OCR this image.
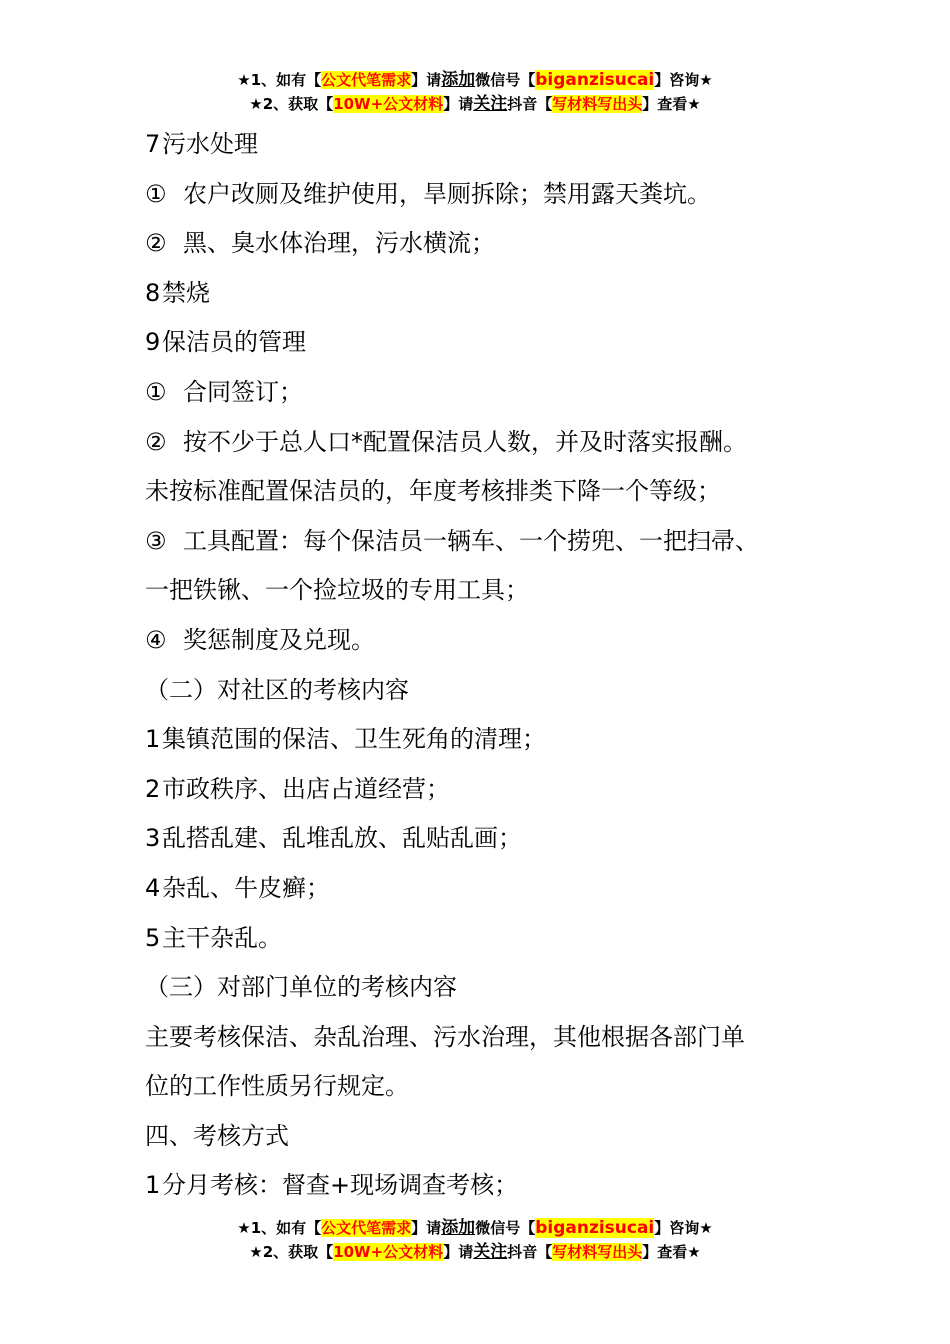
★1、如有【公文代笔需求】请添加微信号【biganzisucai】咨询★
★2、获取【10W+公文材料】请关注抖音【写材料写出头】查看★
7污水处理
① 农户改厕及维护使用，旱厕拆除；禁用露天粪坑。
② 黑、臭水体治理，污水横流；
8禁烧
9保洁员的管理
① 合同签订；
② 按不少于总人口*配置保洁员人数，并及时落实报酬。
未按标准配置保洁员的，年度考核排类下降一个等级；
③ 工具配置：每个保洁员一辆车、一个捞兜、一把扫帚、
一把铁锹、一个捡垃圾的专用工具；
④ 奖惩制度及兑现。
（二）对社区的考核内容
1集镇范围的保洁、卫生死角的清理；
2市政秩序、出店占道经营；
3乱搭乱建、乱堆乱放、乱贴乱画；
4杂乱、牛皮癣；
5主干杂乱。
（三）对部门单位的考核内容
主要考核保洁、杂乱治理、污水治理，其他根据各部门单
位的工作性质另行规定。
四、考核方式
1分月考核：督查+现场调查考核；
★1、如有【公文代笔需求】请添加微信号【biganzisucai】咨询★
★2、获取【10W+公文材料】请关注抖音【写材料写出头】查看★
